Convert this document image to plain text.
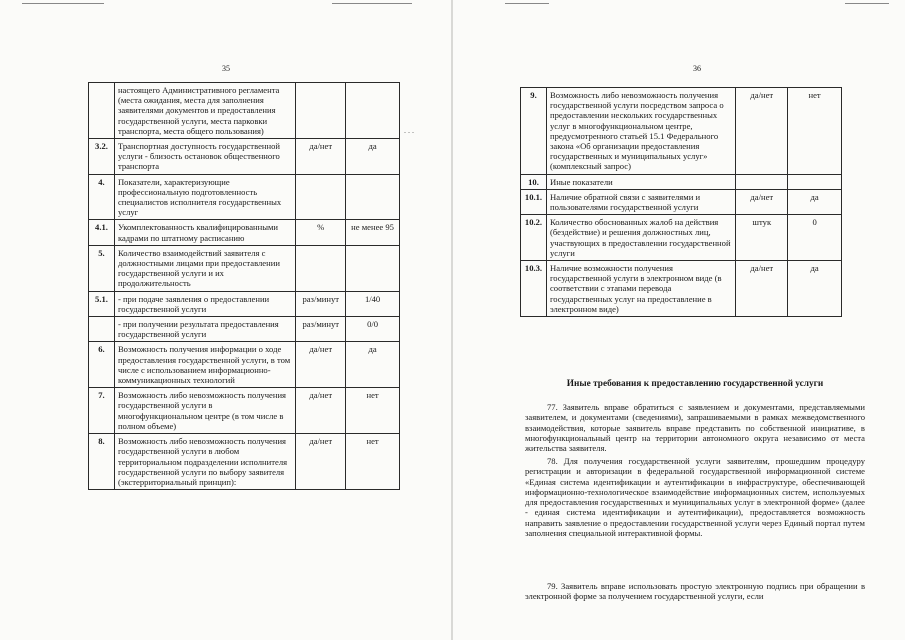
35
	настоящего Административного регламента (места ожидания, места для заполнения заявителями документов и предоставления государственной услуги, места парковки транспорта, места общего пользования)		
3.2.	Транспортная доступность государственной услуги - близость остановок общественного транспорта	да/нет	да
4.	Показатели, характеризующие профессиональную подготовленность специалистов исполнителя государственных услуг		
4.1.	Укомплектованность квалифицированными кадрами по штатному расписанию	%	не менее 95
5.	Количество взаимодействий заявителя с должностными лицами при предоставлении государственной услуги и их продолжительность		
5.1.	- при подаче заявления о предоставлении государственной услуги	раз/минут	1/40
	- при получении результата предоставления государственной услуги	раз/минут	0/0
6.	Возможность получения информации о ходе предоставления государственной услуги, в том числе с использованием информационно-коммуникационных технологий	да/нет	да
7.	Возможность либо невозможность получения государственной услуги в многофункциональном центре (в том числе в полном объеме)	да/нет	нет
8.	Возможность либо невозможность получения государственной услуги в любом территориальном подразделении исполнителя государственной услуги по выбору заявителя (экстерриториальный принцип):	да/нет	нет
. . .
36
9.	Возможность либо невозможность получения государственной услуги посредством запроса о предоставлении нескольких государственных услуг в многофункциональном центре, предусмотренного статьей 15.1 Федерального закона «Об организации предоставления государственных и муниципальных услуг» (комплексный запрос)	да/нет	нет
10.	Иные показатели		
10.1.	Наличие обратной связи с заявителями и пользователями государственной услуги	да/нет	да
10.2.	Количество обоснованных жалоб на действия (бездействие) и решения должностных лиц, участвующих в предоставлении государственной услуги	штук	0
10.3.	Наличие возможности получения государственной услуги в электронном виде (в соответствии с этапами перевода государственных услуг на предоставление в электронном виде)	да/нет	да
Иные требования к предоставлению государственной услуги

77. Заявитель вправе обратиться с заявлением и документами, представляемыми заявителем, и документами (сведениями), запрашиваемыми в рамках межведомственного взаимодействия, которые заявитель вправе представить по собственной инициативе, в многофункциональный центр на территории автономного округа независимо от места жительства заявителя.

78. Для получения государственной услуги заявителям, прошедшим процедуру регистрации и авторизации в федеральной государственной информационной системе «Единая система идентификации и аутентификации в инфраструктуре, обеспечивающей информационно-технологическое взаимодействие информационных систем, используемых для предоставления государственных и муниципальных услуг в электронной форме» (далее - единая система идентификации и аутентификации), предоставляется возможность направить заявление о предоставлении государственной услуги через Единый портал путем заполнения специальной интерактивной формы.

79. Заявитель вправе использовать простую электронную подпись при обращении в электронной форме за получением государственной услуги, если
